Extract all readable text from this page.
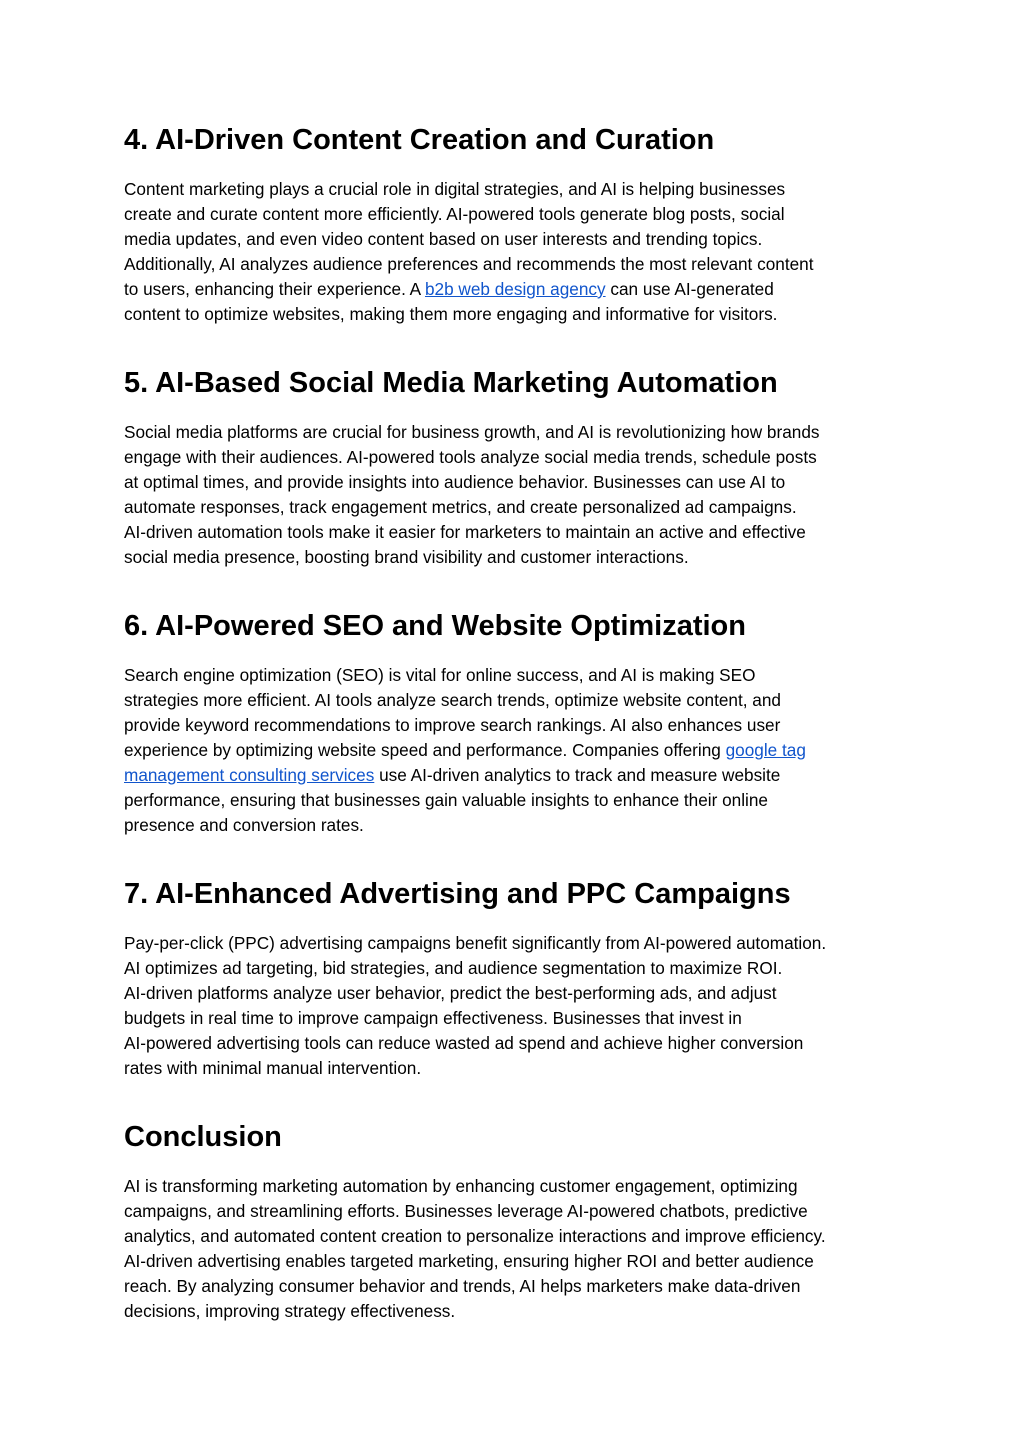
4. AI-Driven Content Creation and Curation

Content marketing plays a crucial role in digital strategies, and AI is helping businesses
create and curate content more efficiently. AI-powered tools generate blog posts, social
media updates, and even video content based on user interests and trending topics.
Additionally, AI analyzes audience preferences and recommends the most relevant content
to users, enhancing their experience. A b2b web design agency can use AI-generated
content to optimize websites, making them more engaging and informative for visitors.

5. AI-Based Social Media Marketing Automation

Social media platforms are crucial for business growth, and AI is revolutionizing how brands
engage with their audiences. AI-powered tools analyze social media trends, schedule posts
at optimal times, and provide insights into audience behavior. Businesses can use AI to
automate responses, track engagement metrics, and create personalized ad campaigns.
AI-driven automation tools make it easier for marketers to maintain an active and effective
social media presence, boosting brand visibility and customer interactions.

6. AI-Powered SEO and Website Optimization

Search engine optimization (SEO) is vital for online success, and AI is making SEO
strategies more efficient. AI tools analyze search trends, optimize website content, and
provide keyword recommendations to improve search rankings. AI also enhances user
experience by optimizing website speed and performance. Companies offering google tag
management consulting services use AI-driven analytics to track and measure website
performance, ensuring that businesses gain valuable insights to enhance their online
presence and conversion rates.

7. AI-Enhanced Advertising and PPC Campaigns

Pay-per-click (PPC) advertising campaigns benefit significantly from AI-powered automation.
AI optimizes ad targeting, bid strategies, and audience segmentation to maximize ROI.
AI-driven platforms analyze user behavior, predict the best-performing ads, and adjust
budgets in real time to improve campaign effectiveness. Businesses that invest in
AI-powered advertising tools can reduce wasted ad spend and achieve higher conversion
rates with minimal manual intervention.

Conclusion

AI is transforming marketing automation by enhancing customer engagement, optimizing
campaigns, and streamlining efforts. Businesses leverage AI-powered chatbots, predictive
analytics, and automated content creation to personalize interactions and improve efficiency.
AI-driven advertising enables targeted marketing, ensuring higher ROI and better audience
reach. By analyzing consumer behavior and trends, AI helps marketers make data-driven
decisions, improving strategy effectiveness.
